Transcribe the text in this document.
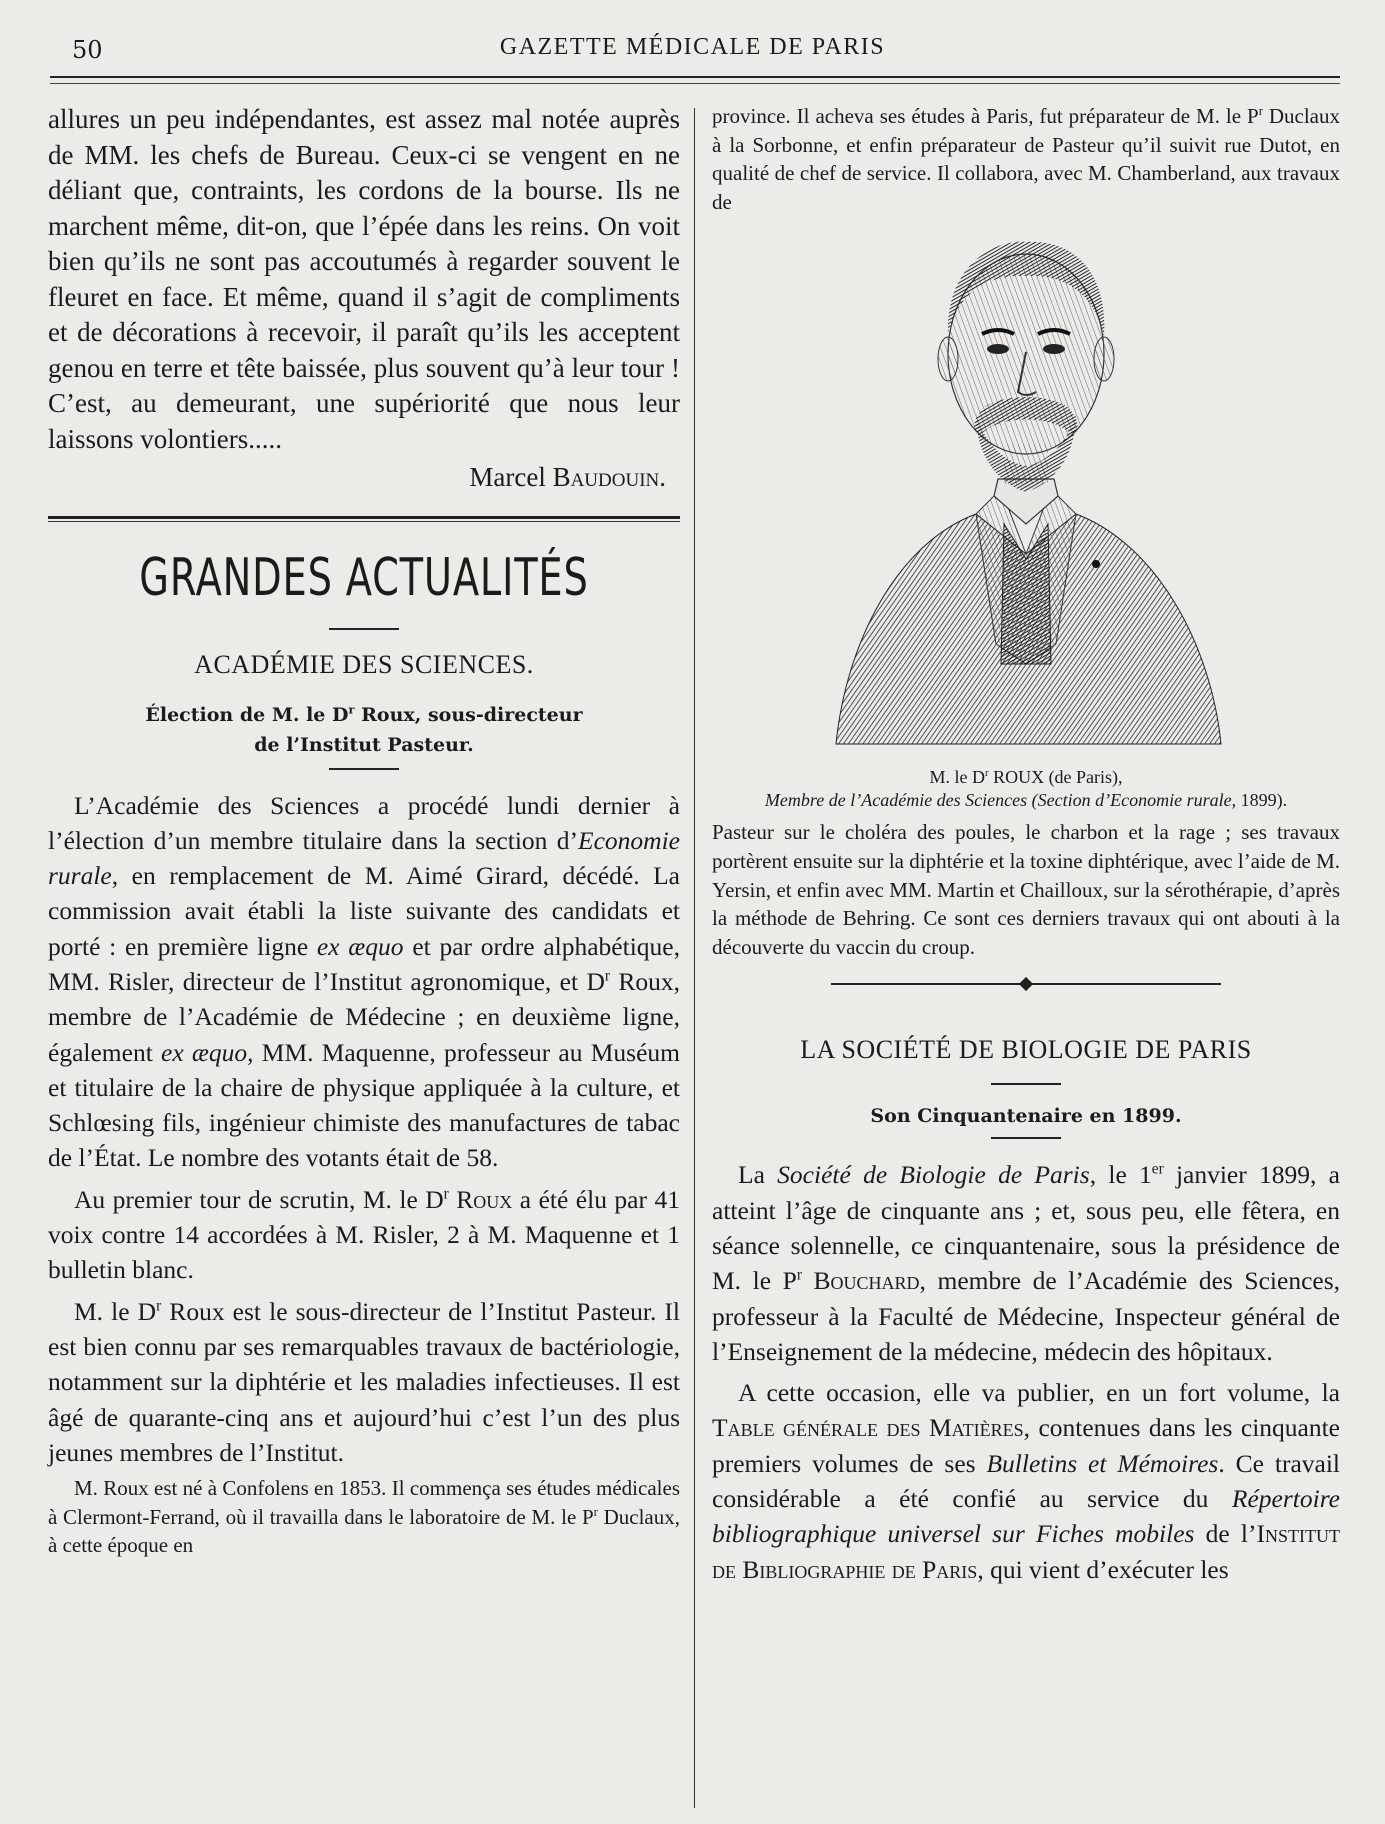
50	GAZETTE MÉDICALE DE PARIS

allures un peu indépendantes, est assez mal notée auprès de MM. les chefs de Bureau. Ceux-ci se vengent en ne déliant que, contraints, les cordons de la bourse. Ils ne marchent même, dit-on, que l’épée dans les reins. On voit bien qu’ils ne sont pas accoutumés à regarder souvent le fleuret en face. Et même, quand il s’agit de compliments et de décorations à recevoir, il paraît qu’ils les acceptent genou en terre et tête baissée, plus souvent qu’à leur tour ! C’est, au demeurant, une supériorité que nous leur laissons volontiers.....

Marcel Baudouin.

GRANDES ACTUALITÉS
ACADÉMIE DES SCIENCES.
Élection de M. le $D^r$ Roux, sous-directeur
de l’Institut Pasteur.

L’Académie des Sciences a procédé lundi dernier à l’élection d’un membre titulaire dans la section d’Economie rurale, en remplacement de M. Aimé Girard, décédé. La commission avait établi la liste suivante des candidats et porté : en première ligne ex æquo et par ordre alphabétique, MM. Risler, directeur de l’Institut agronomique, et $D^r$ Roux, membre de l’Académie de Médecine ; en deuxième ligne, également ex æquo, MM. Maquenne, professeur au Muséum et titulaire de la chaire de physique appliquée à la culture, et Schlœsing fils, ingénieur chimiste des manufactures de tabac de l’État. Le nombre des votants était de 58.

Au premier tour de scrutin, M. le $D^r$ Roux a été élu par 41 voix contre 14 accordées à M. Risler, 2 à M. Maquenne et 1 bulletin blanc.

M. le $D^r$ Roux est le sous-directeur de l’Institut Pasteur. Il est bien connu par ses remarquables travaux de bactériologie, notamment sur la diphtérie et les maladies infectieuses. Il est âgé de quarante-cinq ans et aujourd’hui c’est l’un des plus jeunes membres de l’Institut.

M. Roux est né à Confolens en 1853. Il commença ses études médicales à Clermont-Ferrand, où il travailla dans le laboratoire de M. le $P^r$ Duclaux, à cette époque en

province. Il acheva ses études à Paris, fut préparateur de M. le $P^r$ Duclaux à la Sorbonne, et enfin préparateur de Pasteur qu’il suivit rue Dutot, en qualité de chef de service. Il collabora, avec M. Chamberland, aux travaux de

M. le $D^r$ ROUX (de Paris),
Membre de l’Académie des Sciences (Section d’Economie rurale, 1899).

Pasteur sur le choléra des poules, le charbon et la rage ; ses travaux portèrent ensuite sur la diphtérie et la toxine diphtérique, avec l’aide de M. Yersin, et enfin avec MM. Martin et Chailloux, sur la sérothérapie, d’après la méthode de Behring. Ce sont ces derniers travaux qui ont abouti à la découverte du vaccin du croup.

LA SOCIÉTÉ DE BIOLOGIE DE PARIS
Son Cinquantenaire en 1899.

La Société de Biologie de Paris, le 1er janvier 1899, a atteint l’âge de cinquante ans ; et, sous peu, elle fêtera, en séance solennelle, ce cinquantenaire, sous la présidence de M. le $P^r$ Bouchard, membre de l’Académie des Sciences, professeur à la Faculté de Médecine, Inspecteur général de l’Enseignement de la médecine, médecin des hôpitaux.

A cette occasion, elle va publier, en un fort volume, la Table générale des Matières, contenues dans les cinquante premiers volumes de ses Bulletins et Mémoires. Ce travail considérable a été confié au service du Répertoire bibliographique universel sur Fiches mobiles de l’Institut de Bibliographie de Paris, qui vient d’exécuter les
